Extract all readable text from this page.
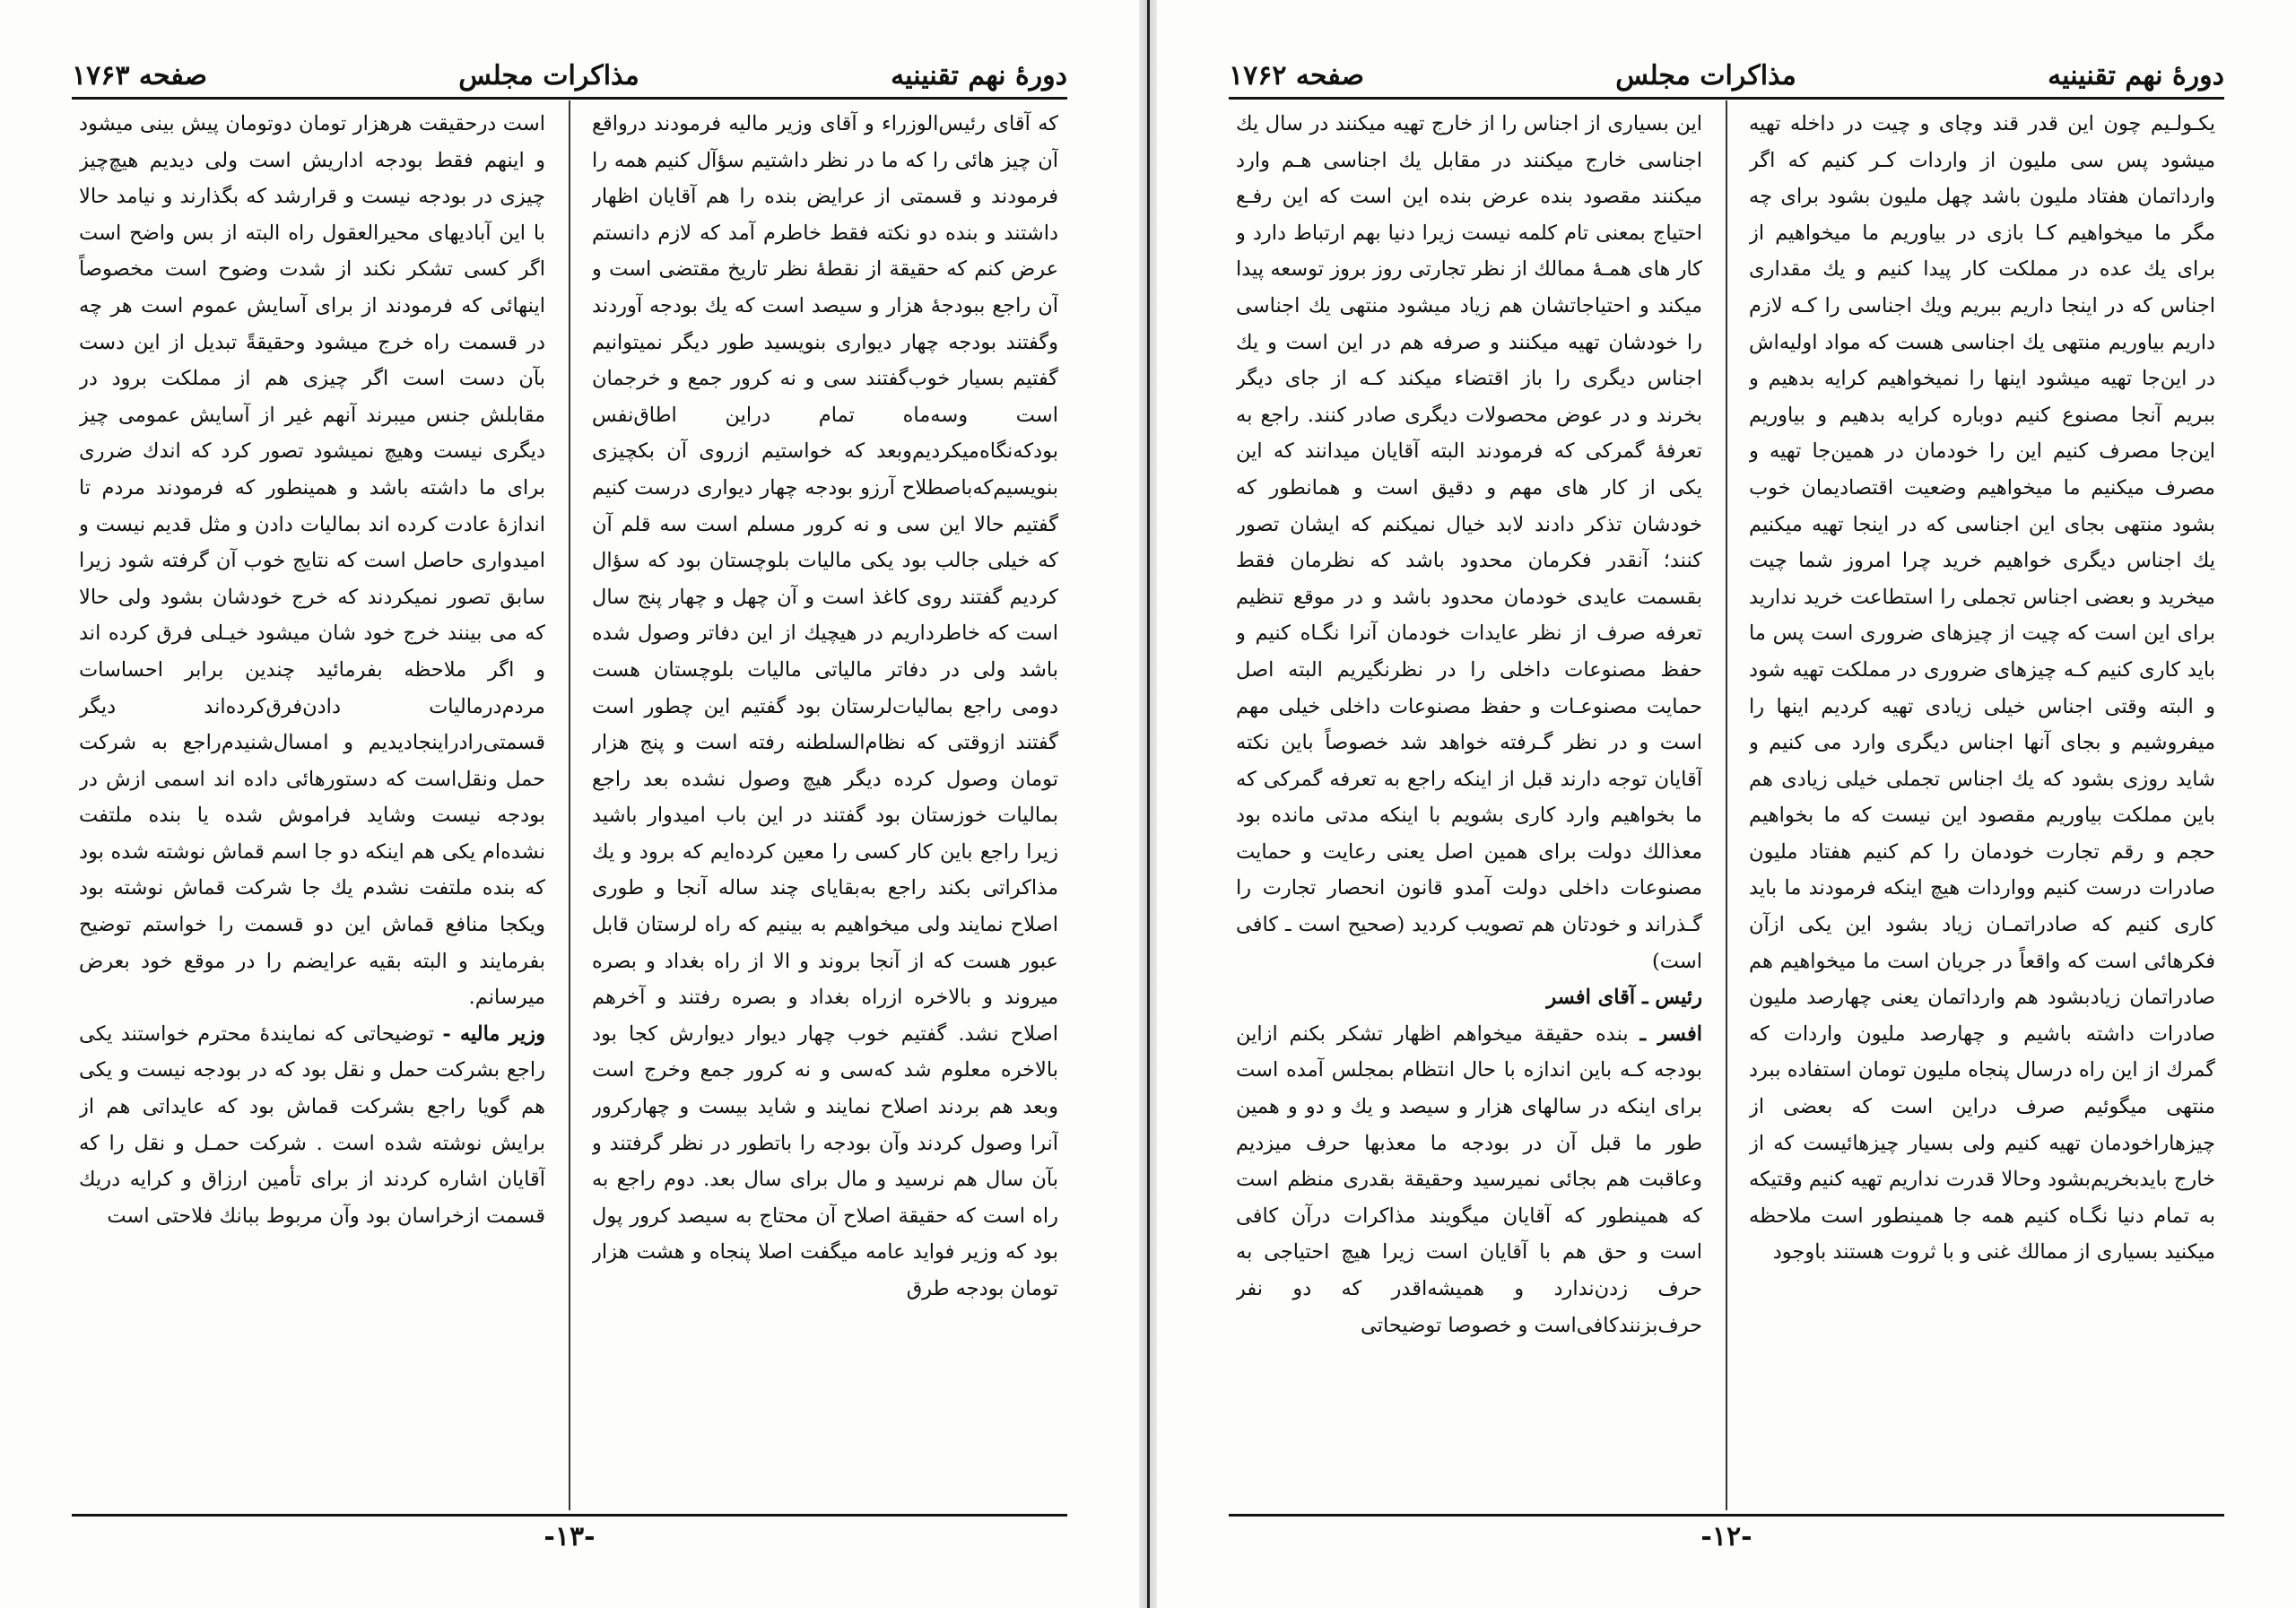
دورهٔ نهم تقنينيه
مذاكرات مجلس
صفحه ۱۷۶۳

كه آقاى رئيس‌الوزراء و آقاى وزير ماليه فرمودند درواقع آن چيز هائى را كه ما در نظر داشتيم سؤآل كنيم همه را فرمودند و قسمتى از عرايض بنده را هم آقايان اظهار داشتند و بنده دو نكته فقط خاطرم آمد كه لازم دانستم عرض كنم كه حقيقة از نقطهٔ نظر تاريخ مقتضى است و آن راجع ببودجهٔ هزار و سيصد است كه يك بودجه آوردند وگفتند بودجه چهار ديوارى بنويسيد طور ديگر نميتوانيم گفتيم بسيار خوب‌گفتند سى و نه كرور جمع و خرجمان است وسه‌ماه تمام دراين اطاق‌نفس بودكه‌نگاه‌ميكرديم‌وبعد كه خواستيم ازروى آن بكچيزى بنويسيم‌كه‌باصطلاح آرزو بودجه چهار ديوارى درست كنيم گفتيم حالا اين سى و نه كرور مسلم است سه قلم آن كه خيلى جالب بود يكى ماليات بلوچستان بود كه سؤال كرديم گفتند روى كاغذ است و آن چهل و چهار پنج سال است كه خاطرداريم در هيچيك از اين دفاتر وصول شده باشد ولى در دفاتر مالياتى ماليات بلوچستان هست دومى راجع بماليات‌لرستان بود گفتيم اين چطور است گفتند ازوقتى كه نظام‌السلطنه رفته است و پنج هزار تومان وصول كرده ديگر هيچ وصول نشده بعد راجع بماليات خوزستان بود گفتند در اين باب اميدوار باشيد زيرا راجع باين كار كسى را معين كرده‌ايم كه برود و يك مذاكراتى بكند راجع به‌بقاياى چند ساله آنجا و طورى اصلاح نمايند ولى ميخواهيم به بينيم كه راه لرستان قابل عبور هست كه از آنجا بروند و الا از راه بغداد و بصره ميروند و بالاخره ازراه بغداد و بصره رفتند و آخرهم اصلاح نشد. گفتيم خوب چهار ديوار ديوارش كجا بود بالاخره معلوم شد كه‌سى و نه كرور جمع وخرج است وبعد هم بردند اصلاح نمايند و شايد بيست و چهاركرور آنرا وصول كردند وآن بودجه را باتطور در نظر گرفتند و بآن سال هم نرسيد و مال براى سال بعد. دوم راجع به راه است كه حقيقة اصلاح آن محتاج به سيصد كرور پول بود كه وزير فوايد عامه ميگفت اصلا پنجاه و هشت هزار تومان بودجه طرق

است درحقيقت هرهزار تومان دوتومان پيش بينى ميشود و اينهم فقط بودجه اداريش است ولى ديديم هيچ‌چيز چيزى در بودجه نيست و قرارشد كه بگذارند و نيامد حالا با اين آباديهاى محيرالعقول راه البته از بس واضح است اگر كسى تشكر نكند از شدت وضوح است مخصوصاً اينهائى كه فرمودند از براى آسايش عموم است هر چه در قسمت راه خرج ميشود وحقيقةً تبديل از اين دست بآن دست است اگر چيزى هم از مملكت برود در مقابلش جنس ميبرند آنهم غير از آسايش عمومى چيز ديگرى نيست وهيچ نميشود تصور كرد كه اندك ضررى براى ما داشته باشد و همينطور كه فرمودند مردم تا اندازهٔ عادت كرده اند بماليات دادن و مثل قديم نيست و اميدوارى حاصل است كه نتايج خوب آن گرفته شود زيرا سابق تصور نميكردند كه خرج خودشان بشود ولى حالا كه مى بينند خرج خود شان ميشود خيـلى فرق كرده اند و اگر ملاحظه بفرمائيد چندين برابر احساسات مردم‌درماليات دادن‌فرق‌كرده‌اند ديگر قسمتى‌را‌دراينجاديديم و امسال‌شنيدم‌راجع به شركت حمل ونقل‌است كه دستورهائى داده اند اسمى ازش در بودجه نيست وشايد فراموش شده يا بنده ملتفت نشده‌ام يكى هم اينكه دو جا اسم قماش نوشته شده بود كه بنده ملتفت نشدم يك جا شركت قماش نوشته بود ويكجا منافع قماش اين دو قسمت را خواستم توضيح بفرمايند و البته بقيه عرايضم را در موقع خود بعرض ميرسانم.

وزير ماليه - توضيحاتى كه نمايندهٔ محترم خواستند يكى راجع بشركت حمل و نقل بود كه در بودجه نيست و يكى هم گويا راجع بشركت قماش بود كه عايداتى هم از برايش نوشته شده است . شركت حمـل و نقل را كه آقايان اشاره كردند از براى تأمين ارزاق و كرايه دريك قسمت ازخراسان بود وآن مربوط ببانك فلاحتى است

-۱۳-
دورهٔ نهم تقنينيه
مذاكرات مجلس
صفحه ۱۷۶۲

يكـولـيم چون اين قدر قند وچاى و چيت در داخله تهيه ميشود پس سى مليون از واردات كـر كنيم كه اگر وارداتمان هفتاد مليون باشد چهل مليون بشود براى چه مگر ما ميخواهيم كـا بازى در بياوريم ما ميخواهيم از براى يك عده در مملكت كار پيدا كنيم و يك مقدارى اجناس كه در اينجا داريم ببريم ويك اجناسى را كـه لازم داريم بياوريم منتهى يك اجناسى هست كه مواد اوليه‌اش در اين‌جا تهيه ميشود اينها را نميخواهيم كرايه بدهيم و ببريم آنجا مصنوع كنيم دوباره كرايه بدهيم و بياوريم اين‌جا مصرف كنيم اين را خودمان در همين‌جا تهيه و مصرف ميكنيم ما ميخواهيم وضعيت اقتصاديمان خوب بشود منتهى بجاى اين اجناسى كه در اينجا تهيه ميكنيم يك اجناس ديگرى خواهيم خريد چرا امروز شما چيت ميخريد و بعضى اجناس تجملى را استطاعت خريد نداريد براى اين است كه چيت از چيزهاى ضرورى است پس ما بايد كارى كنيم كـه چيزهاى ضرورى در مملكت تهيه شود و البته وقتى اجناس خيلى زيادى تهيه كرديم اينها را ميفروشيم و بجاى آنها اجناس ديگرى وارد مى كنيم و شايد روزى بشود كه يك اجناس تجملى خيلى زيادى هم باين مملكت بياوريم مقصود اين نيست كه ما بخواهيم حجم و رقم تجارت خودمان را كم كنيم هفتاد مليون صادرات درست كنيم وواردات هيچ اينكه فرمودند ما بايد كارى كنيم كه صادراتمـان زياد بشود اين يكى ازآن فكرهائى است كه واقعاً در جريان است ما ميخواهيم هم صادراتمان زيادبشود هم وارداتمان يعنى چهارصد مليون صادرات داشته باشيم و چهارصد مليون واردات كه گمرك از اين راه درسال پنجاه مليون تومان استفاده ببرد منتهى ميگوئيم صرف دراين است كه بعضى از چيزهاراخودمان تهيه كنيم ولى بسيار چيزهائيست كه از خارج بايدبخريم‌بشود وحالا قدرت نداريم تهيه كنيم وقتيكه به تمام دنيا نگـاه كنيم همه جا همينطور است ملاحظه ميكنيد بسيارى از ممالك غنى و با ثروت هستند باوجود

اين بسيارى از اجناس را از خارج تهيه ميكنند در سال يك اجناسى خارج ميكنند در مقابل يك اجناسى هـم وارد ميكنند مقصود بنده عرض بنده اين است كه اين رفـع احتياج بمعنى تام كلمه نيست زيرا دنيا بهم ارتباط دارد و كار هاى همـهٔ ممالك از نظر تجارتى روز بروز توسعه پيدا ميكند و احتياجاتشان هم زياد ميشود منتهى يك اجناسى را خودشان تهيه ميكنند و صرفه هم در اين است و يك اجناس ديگرى را باز اقتضاء ميكند كـه از جاى ديگر بخرند و در عوض محصولات ديگرى صادر كنند. راجع به تعرفهٔ گمركى كه فرمودند البته آقايان ميدانند كه اين يكى از كار هاى مهم و دقيق است و همانطور كه خودشان تذكر دادند لابد خيال نميكنم كه ايشان تصور كنند؛ آنقدر فكرمان محدود باشد كه نظرمان فقط بقسمت عايدى خودمان محدود باشد و در موقع تنظيم تعرفه صرف از نظر عايدات خودمان آنرا نگـاه كنيم و حفظ مصنوعات داخلى را در نظرنگيريم البته اصل حمايت مصنوعـات و حفظ مصنوعات داخلى خيلى مهم است و در نظر گـرفته خواهد شد خصوصاً باين نكته آقايان توجه دارند قبل از اينكه راجع به تعرفه گمركى كه ما بخواهيم وارد كارى بشويم با اينكه مدتى مانده بود معذالك دولت براى همين اصل يعنى رعايت و حمايت مصنوعات داخلى دولت آمدو قانون انحصار تجارت را گـذراند و خودتان هم تصويب كرديد (صحيح است ـ كافى است)

رئيس ـ آقاى افسر

افسر ـ بنده حقيقة ميخواهم اظهار تشكر بكنم ازاين بودجه كـه باين اندازه با حال انتظام بمجلس آمده است براى اينكه در سالهاى هزار و سيصد و يك و دو و همين طور ما قبل آن در بودجه ما معذبها حرف ميزديم وعاقبت هم بجائى نميرسيد وحقيقة بقدرى منظم است كه همينطور كه آقايان ميگويند مذاكرات درآن كافى است و حق هم با آقايان است زيرا هيچ احتياجى به حرف زدن‌ندارد و هميشه‌اقدر كه دو نفر حرف‌بزنند‌كافى‌است و خصوصا توضيحاتى

-۱۲-
